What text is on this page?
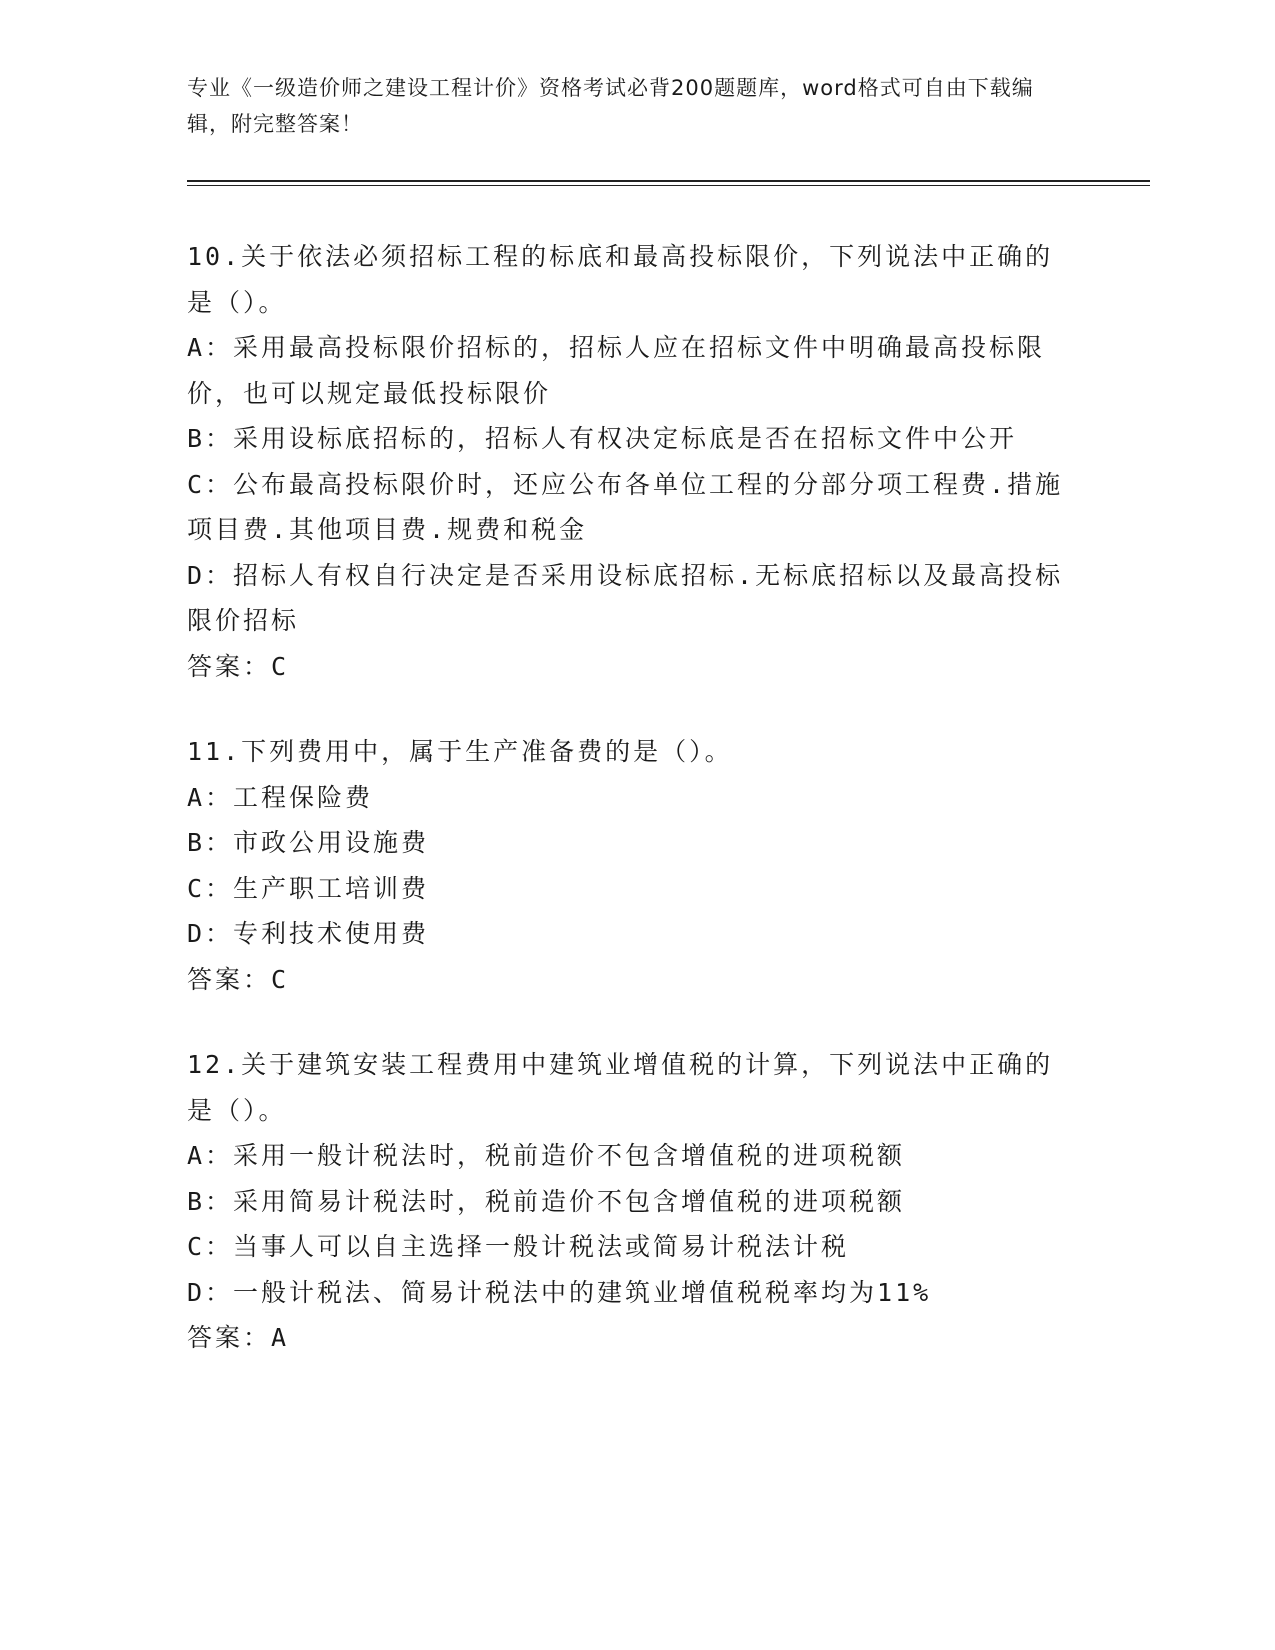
专业《一级造价师之建设工程计价》资格考试必背200题题库，word格式可自由下载编辑，附完整答案！

10.关于依法必须招标工程的标底和最高投标限价，下列说法中正确的是（）。

A：采用最高投标限价招标的，招标人应在招标文件中明确最高投标限价，也可以规定最低投标限价

B：采用设标底招标的，招标人有权决定标底是否在招标文件中公开

C：公布最高投标限价时，还应公布各单位工程的分部分项工程费.措施项目费.其他项目费.规费和税金

D：招标人有权自行决定是否采用设标底招标.无标底招标以及最高投标限价招标

答案：C

11.下列费用中，属于生产准备费的是（）。

A：工程保险费

B：市政公用设施费

C：生产职工培训费

D：专利技术使用费

答案：C

12.关于建筑安装工程费用中建筑业增值税的计算，下列说法中正确的是（）。

A：采用一般计税法时，税前造价不包含增值税的进项税额

B：采用简易计税法时，税前造价不包含增值税的进项税额

C：当事人可以自主选择一般计税法或简易计税法计税

D：一般计税法、简易计税法中的建筑业增值税税率均为11%

答案：A
